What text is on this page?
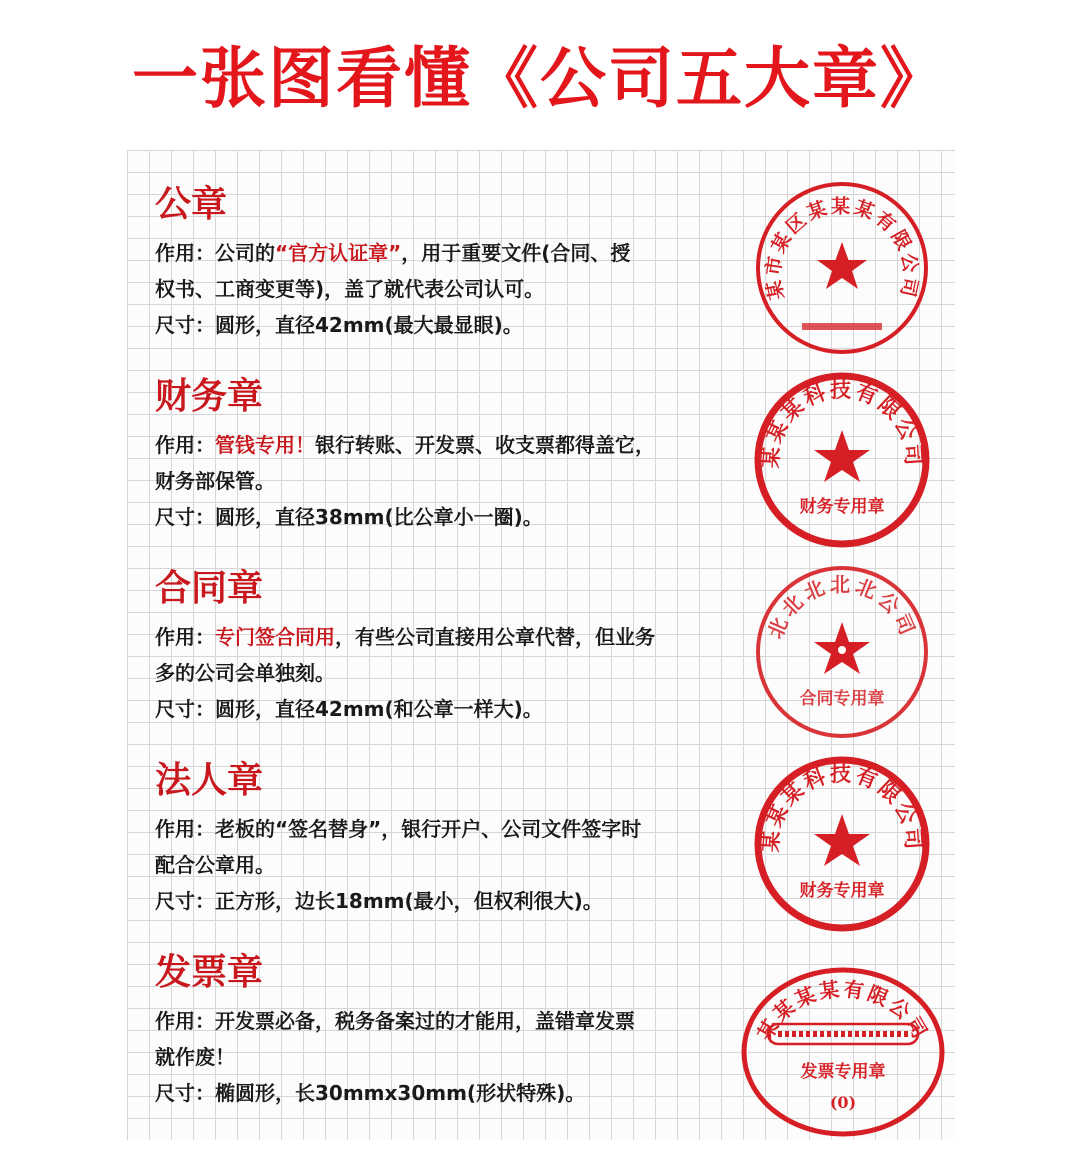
一张图看懂《公司五大章》
公章

作用：公司的“官方认证章”，用于重要文件(合同、授

权书、工商变更等)，盖了就代表公司认可。

尺寸：圆形，直径42mm(最大最显眼)。

财务章

作用：管钱专用！银行转账、开发票、收支票都得盖它，

财务部保管。

尺寸：圆形，直径38mm(比公章小一圈)。

合同章

作用：专门签合同用，有些公司直接用公章代替，但业务

多的公司会单独刻。

尺寸：圆形，直径42mm(和公章一样大)。

法人章

作用：老板的“签名替身”，银行开户、公司文件签字时

配合公章用。

尺寸：正方形，边长18mm(最小，但权利很大)。

发票章

作用：开发票必备，税务备案过的才能用，盖错章发票

就作废！

尺寸：椭圆形，长30mmx30mm(形状特殊)。

某市某区某某某有限公司
某某某科技有限公司
财务专用章
北北北北北公司
合同专用章
某某某科技有限公司
财务专用章
某某某某有限公司
发票专用章
(0)
